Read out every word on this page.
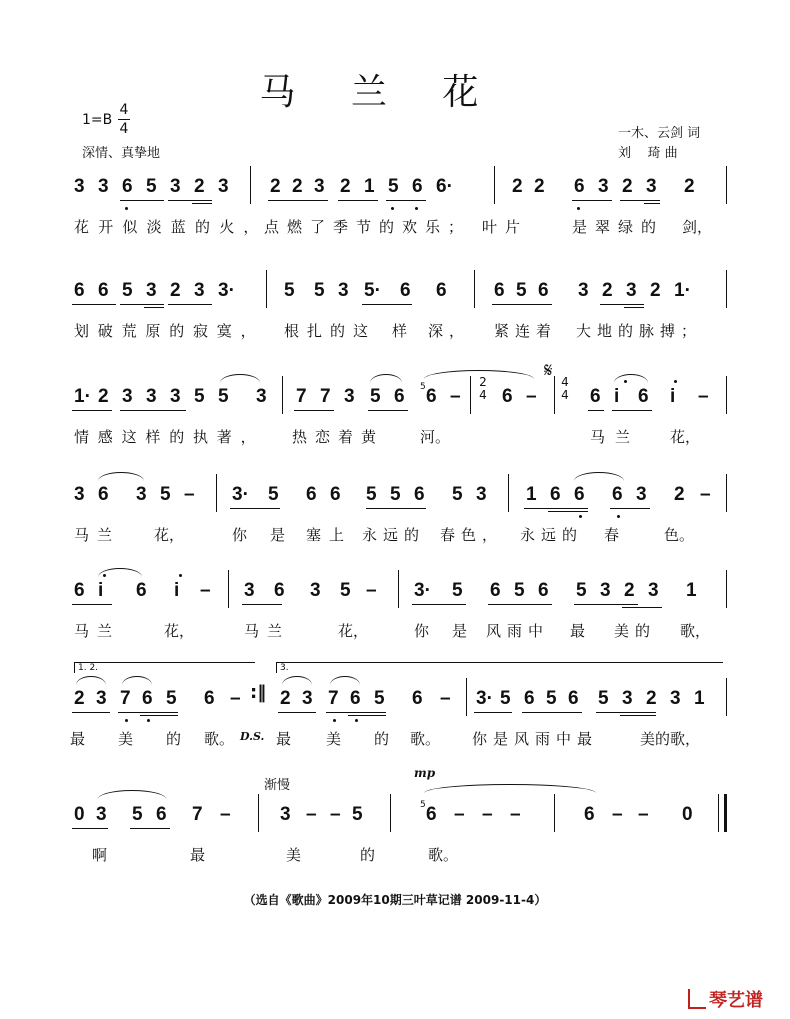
马 兰 花
1=B
4
4
深情、真挚地
一木、云剑 词
刘    琦 曲
3 3 6 5 3 2 3 2 2 3 2 1 5 6 6·	2 2 6 3 2 3 2
花开似淡蓝的火，
点燃了季节的欢乐； 叶片	是翠绿的 剑，
6 6 5 3 2 3 3·	5 5 3 5· 6 6 6 5 6 3 2 3 2 1·
划破荒原的寂寞， 根扎的这 样 深， 紧连着 大地的脉搏；
1· 2 3 3 3 5 5 3 7 7 3 5 6 5 6 –
2
4 6 –
𝄋 4
4 6 i 6 i –
情感这样的执著， 热恋着黄 河。	马兰 花，
3 6 3 5 – 3· 5 6 6 5 5 6 5 3 1 6 6 6 3 2 –
马兰 花，	你 是 塞上 永远的 春色， 永远的 春	色。
6 i 6 i – 3 6 3 5 – 3· 5 6 5 6 5 3 2 3 1
马兰	花，	马兰	花，	你 是 风雨中 最 美的 歌，
1. 2.	3.
2 3 7 6 5 6 – :‖ 2 3 7 6 5 6 – 3· 5 6 5 6 5 3 2 3 1
最 美 的 歌。 D.S. 最 美 的 歌。 你是风雨中最	美的歌，
渐慢
mp
0 3 5 6 7 –	3 – – 5	5 6 – – –	6 – – 0
啊	最	美	的	歌。
（选自《歌曲》2009年10期三叶草记谱 2009-11-4）
琴艺谱
